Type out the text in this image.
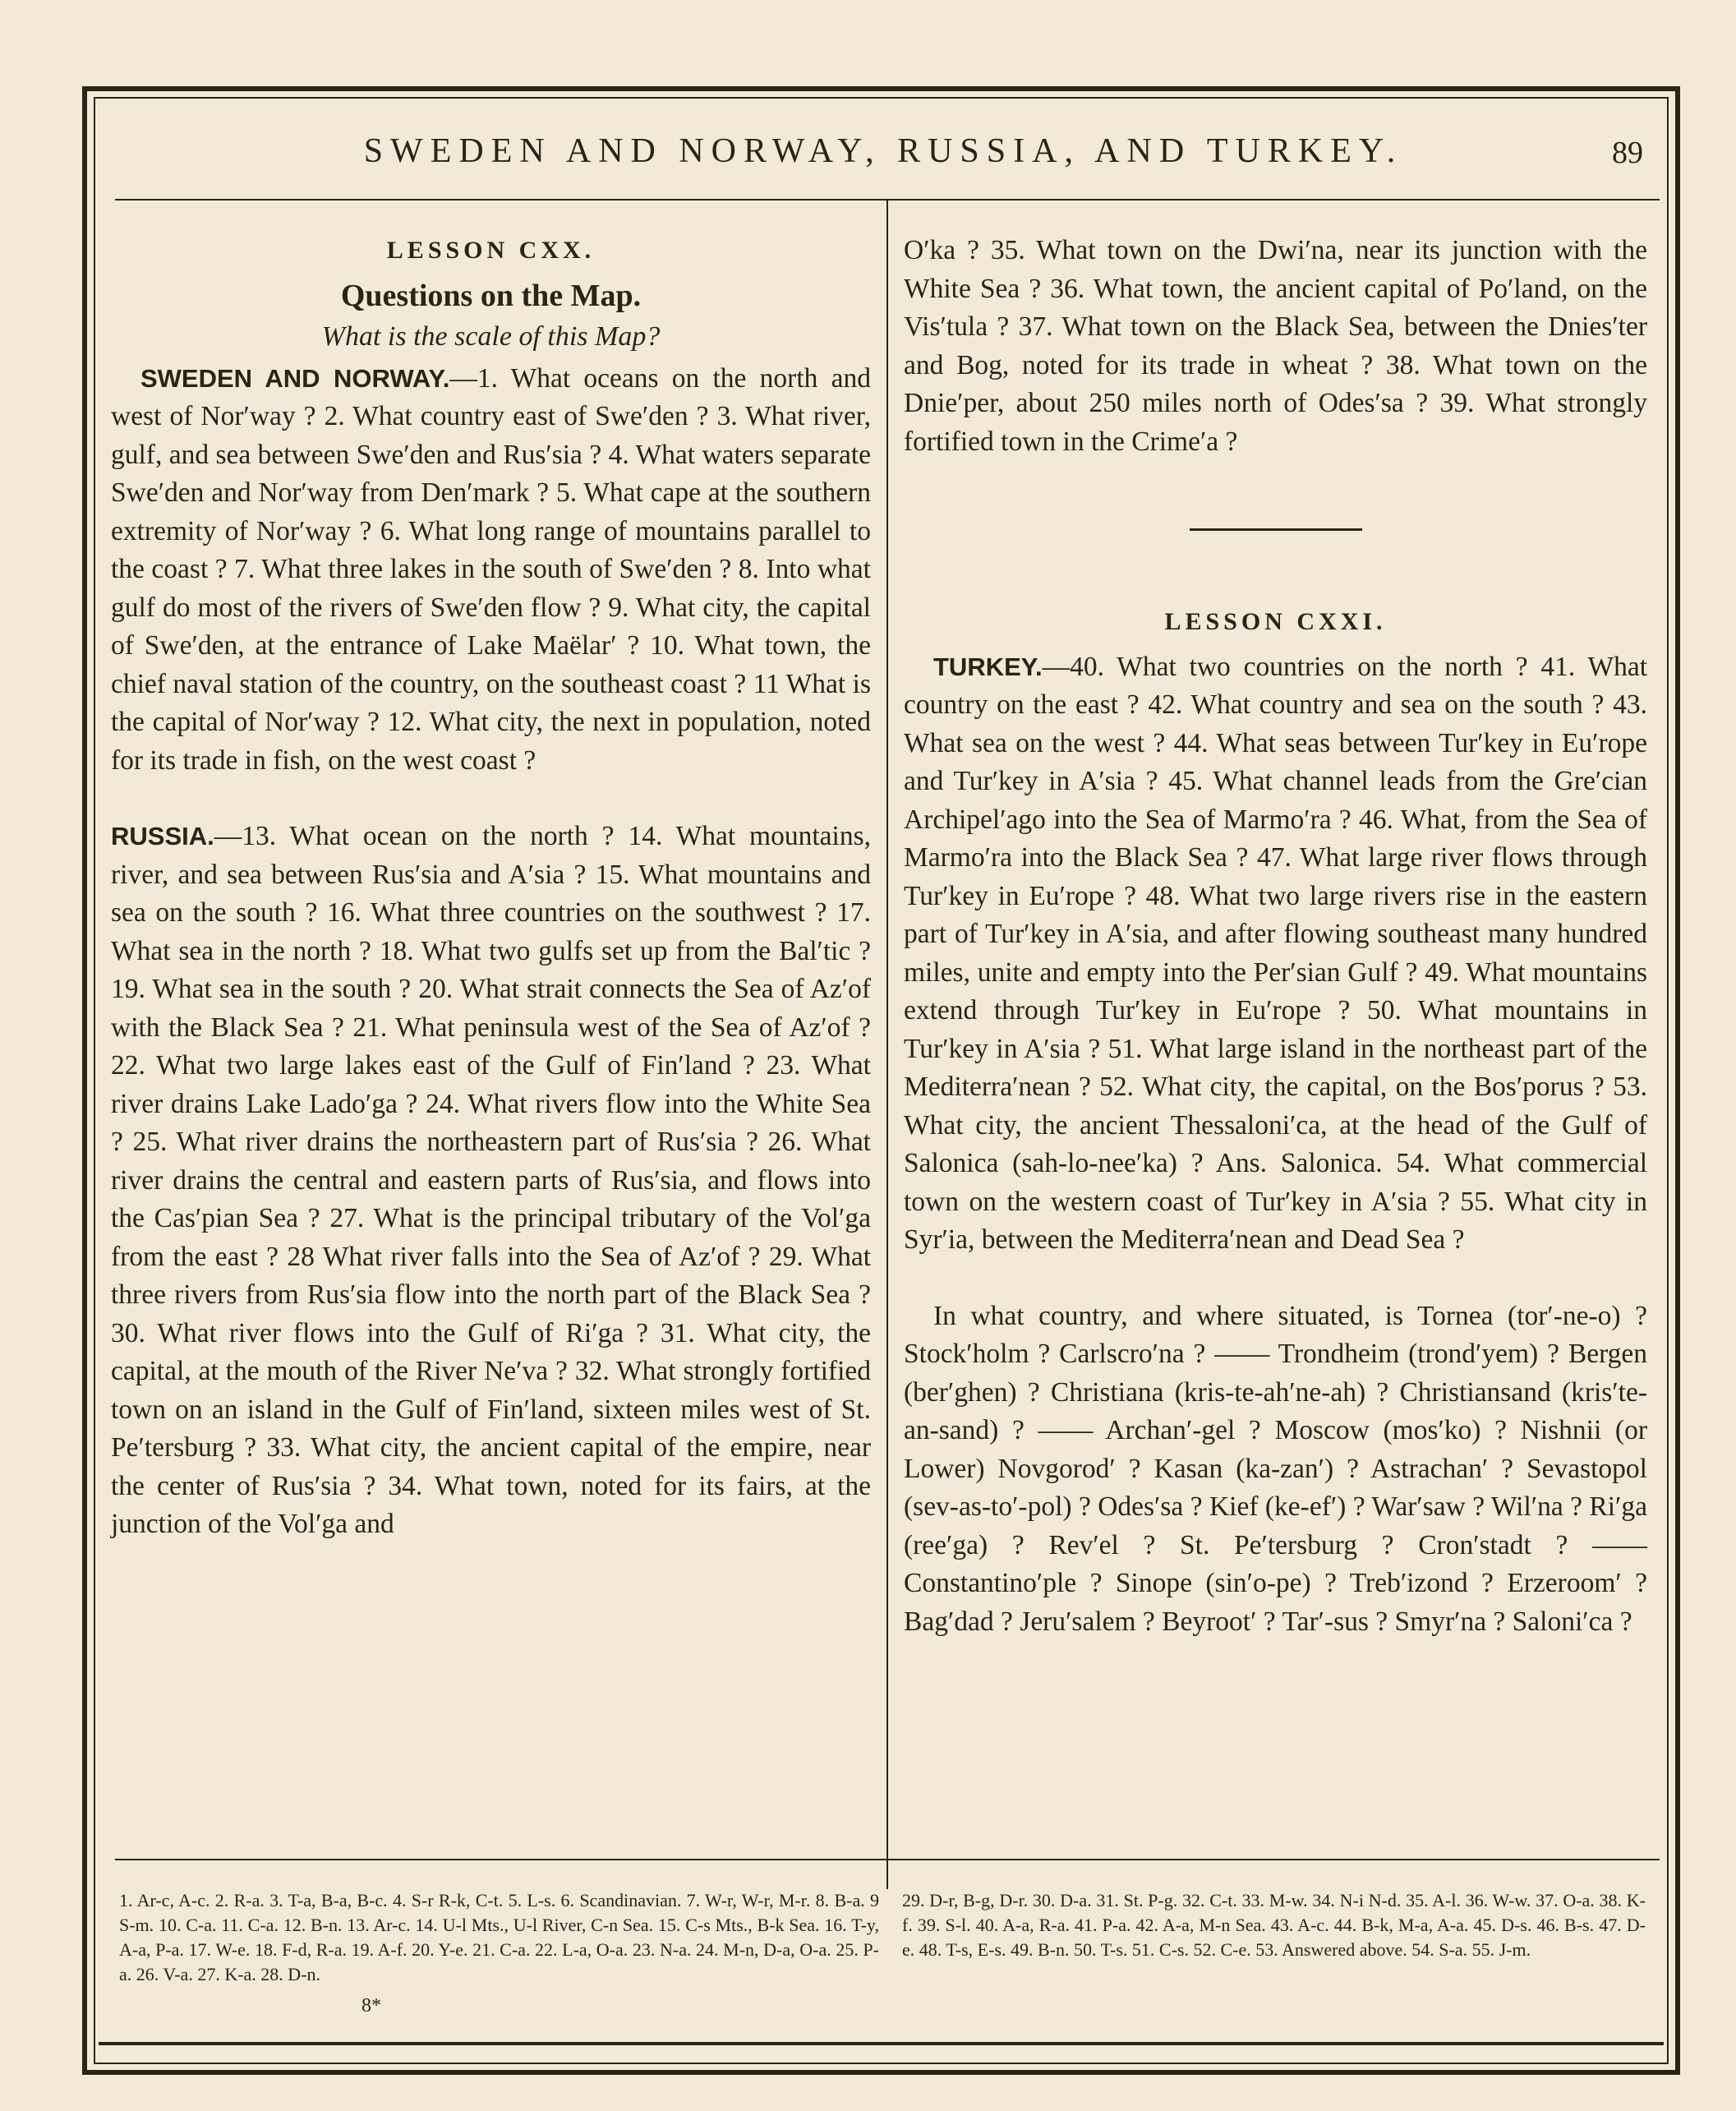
SWEDEN AND NORWAY, RUSSIA, AND TURKEY.	89

LESSON CXX.

Questions on the Map.

What is the scale of this Map?

SWEDEN AND NORWAY.—1. What oceans on the north and west of Nor′way ? 2. What country east of Swe′den ? 3. What river, gulf, and sea between Swe′den and Rus′sia ? 4. What waters separate Swe′den and Nor′way from Den′mark ? 5. What cape at the southern extremity of Nor′way ? 6. What long range of mountains parallel to the coast ? 7. What three lakes in the south of Swe′den ? 8. Into what gulf do most of the rivers of Swe′den flow ? 9. What city, the capital of Swe′den, at the entrance of Lake Maëlar′ ? 10. What town, the chief naval station of the country, on the southeast coast ? 11 What is the capital of Nor′way ? 12. What city, the next in population, noted for its trade in fish, on the west coast ?

RUSSIA.—13. What ocean on the north ? 14. What mountains, river, and sea between Rus′sia and A′sia ? 15. What mountains and sea on the south ? 16. What three countries on the southwest ? 17. What sea in the north ? 18. What two gulfs set up from the Bal′tic ? 19. What sea in the south ? 20. What strait connects the Sea of Az′of with the Black Sea ? 21. What peninsula west of the Sea of Az′of ? 22. What two large lakes east of the Gulf of Fin′land ? 23. What river drains Lake Lado′ga ? 24. What rivers flow into the White Sea ? 25. What river drains the northeastern part of Rus′sia ? 26. What river drains the central and eastern parts of Rus′sia, and flows into the Cas′pian Sea ? 27. What is the principal tributary of the Vol′ga from the east ? 28 What river falls into the Sea of Az′of ? 29. What three rivers from Rus′sia flow into the north part of the Black Sea ? 30. What river flows into the Gulf of Ri′ga ? 31. What city, the capital, at the mouth of the River Ne′va ? 32. What strongly fortified town on an island in the Gulf of Fin′land, sixteen miles west of St. Pe′tersburg ? 33. What city, the ancient capital of the empire, near the center of Rus′sia ? 34. What town, noted for its fairs, at the junction of the Vol′ga and

O′ka ? 35. What town on the Dwi′na, near its junction with the White Sea ? 36. What town, the ancient capital of Po′land, on the Vis′tula ? 37. What town on the Black Sea, between the Dnies′ter and Bog, noted for its trade in wheat ? 38. What town on the Dnie′per, about 250 miles north of Odes′sa ? 39. What strongly fortified town in the Crime′a ?

LESSON CXXI.

TURKEY.—40. What two countries on the north ? 41. What country on the east ? 42. What country and sea on the south ? 43. What sea on the west ? 44. What seas between Tur′key in Eu′rope and Tur′key in A′sia ? 45. What channel leads from the Gre′cian Archipel′ago into the Sea of Marmo′ra ? 46. What, from the Sea of Marmo′ra into the Black Sea ? 47. What large river flows through Tur′key in Eu′rope ? 48. What two large rivers rise in the eastern part of Tur′key in A′sia, and after flowing southeast many hundred miles, unite and empty into the Per′sian Gulf ? 49. What mountains extend through Tur′key in Eu′rope ? 50. What mountains in Tur′key in A′sia ? 51. What large island in the northeast part of the Mediterra′nean ? 52. What city, the capital, on the Bos′porus ? 53. What city, the ancient Thessaloni′ca, at the head of the Gulf of Salonica (sah-lo-nee′ka) ? Ans. Salonica. 54. What commercial town on the western coast of Tur′key in A′sia ? 55. What city in Syr′ia, between the Mediterra′nean and Dead Sea ?

In what country, and where situated, is Tornea (tor′-ne-o) ? Stock′holm ? Carlscro′na ? —— Trondheim (trond′yem) ? Bergen (ber′ghen) ? Christiana (kris-te-ah′ne-ah) ? Christiansand (kris′te-an-sand) ? —— Archan′-gel ? Moscow (mos′ko) ? Nishnii (or Lower) Novgorod′ ? Kasan (ka-zan′) ? Astrachan′ ? Sevastopol (sev-as-to′-pol) ? Odes′sa ? Kief (ke-ef′) ? War′saw ? Wil′na ? Ri′ga (ree′ga) ? Rev′el ? St. Pe′tersburg ? Cron′stadt ? —— Constantino′ple ? Sinope (sin′o-pe) ? Treb′izond ? Erzeroom′ ? Bag′dad ? Jeru′salem ? Beyroot′ ? Tar′-sus ? Smyr′na ? Saloni′ca ?

1. Ar-c, A-c. 2. R-a. 3. T-a, B-a, B-c. 4. S-r R-k, C-t. 5. L-s. 6. Scandinavian. 7. W-r, W-r, M-r. 8. B-a. 9 S-m. 10. C-a. 11. C-a. 12. B-n. 13. Ar-c. 14. U-l Mts., U-l River, C-n Sea. 15. C-s Mts., B-k Sea. 16. T-y, A-a, P-a. 17. W-e. 18. F-d, R-a. 19. A-f. 20. Y-e. 21. C-a. 22. L-a, O-a. 23. N-a. 24. M-n, D-a, O-a. 25. P-a. 26. V-a. 27. K-a. 28. D-n.
29. D-r, B-g, D-r. 30. D-a. 31. St. P-g. 32. C-t. 33. M-w. 34. N-i N-d. 35. A-l. 36. W-w. 37. O-a. 38. K-f. 39. S-l. 40. A-a, R-a. 41. P-a. 42. A-a, M-n Sea. 43. A-c. 44. B-k, M-a, A-a. 45. D-s. 46. B-s. 47. D-e. 48. T-s, E-s. 49. B-n. 50. T-s. 51. C-s. 52. C-e. 53. Answered above. 54. S-a. 55. J-m.
8*
